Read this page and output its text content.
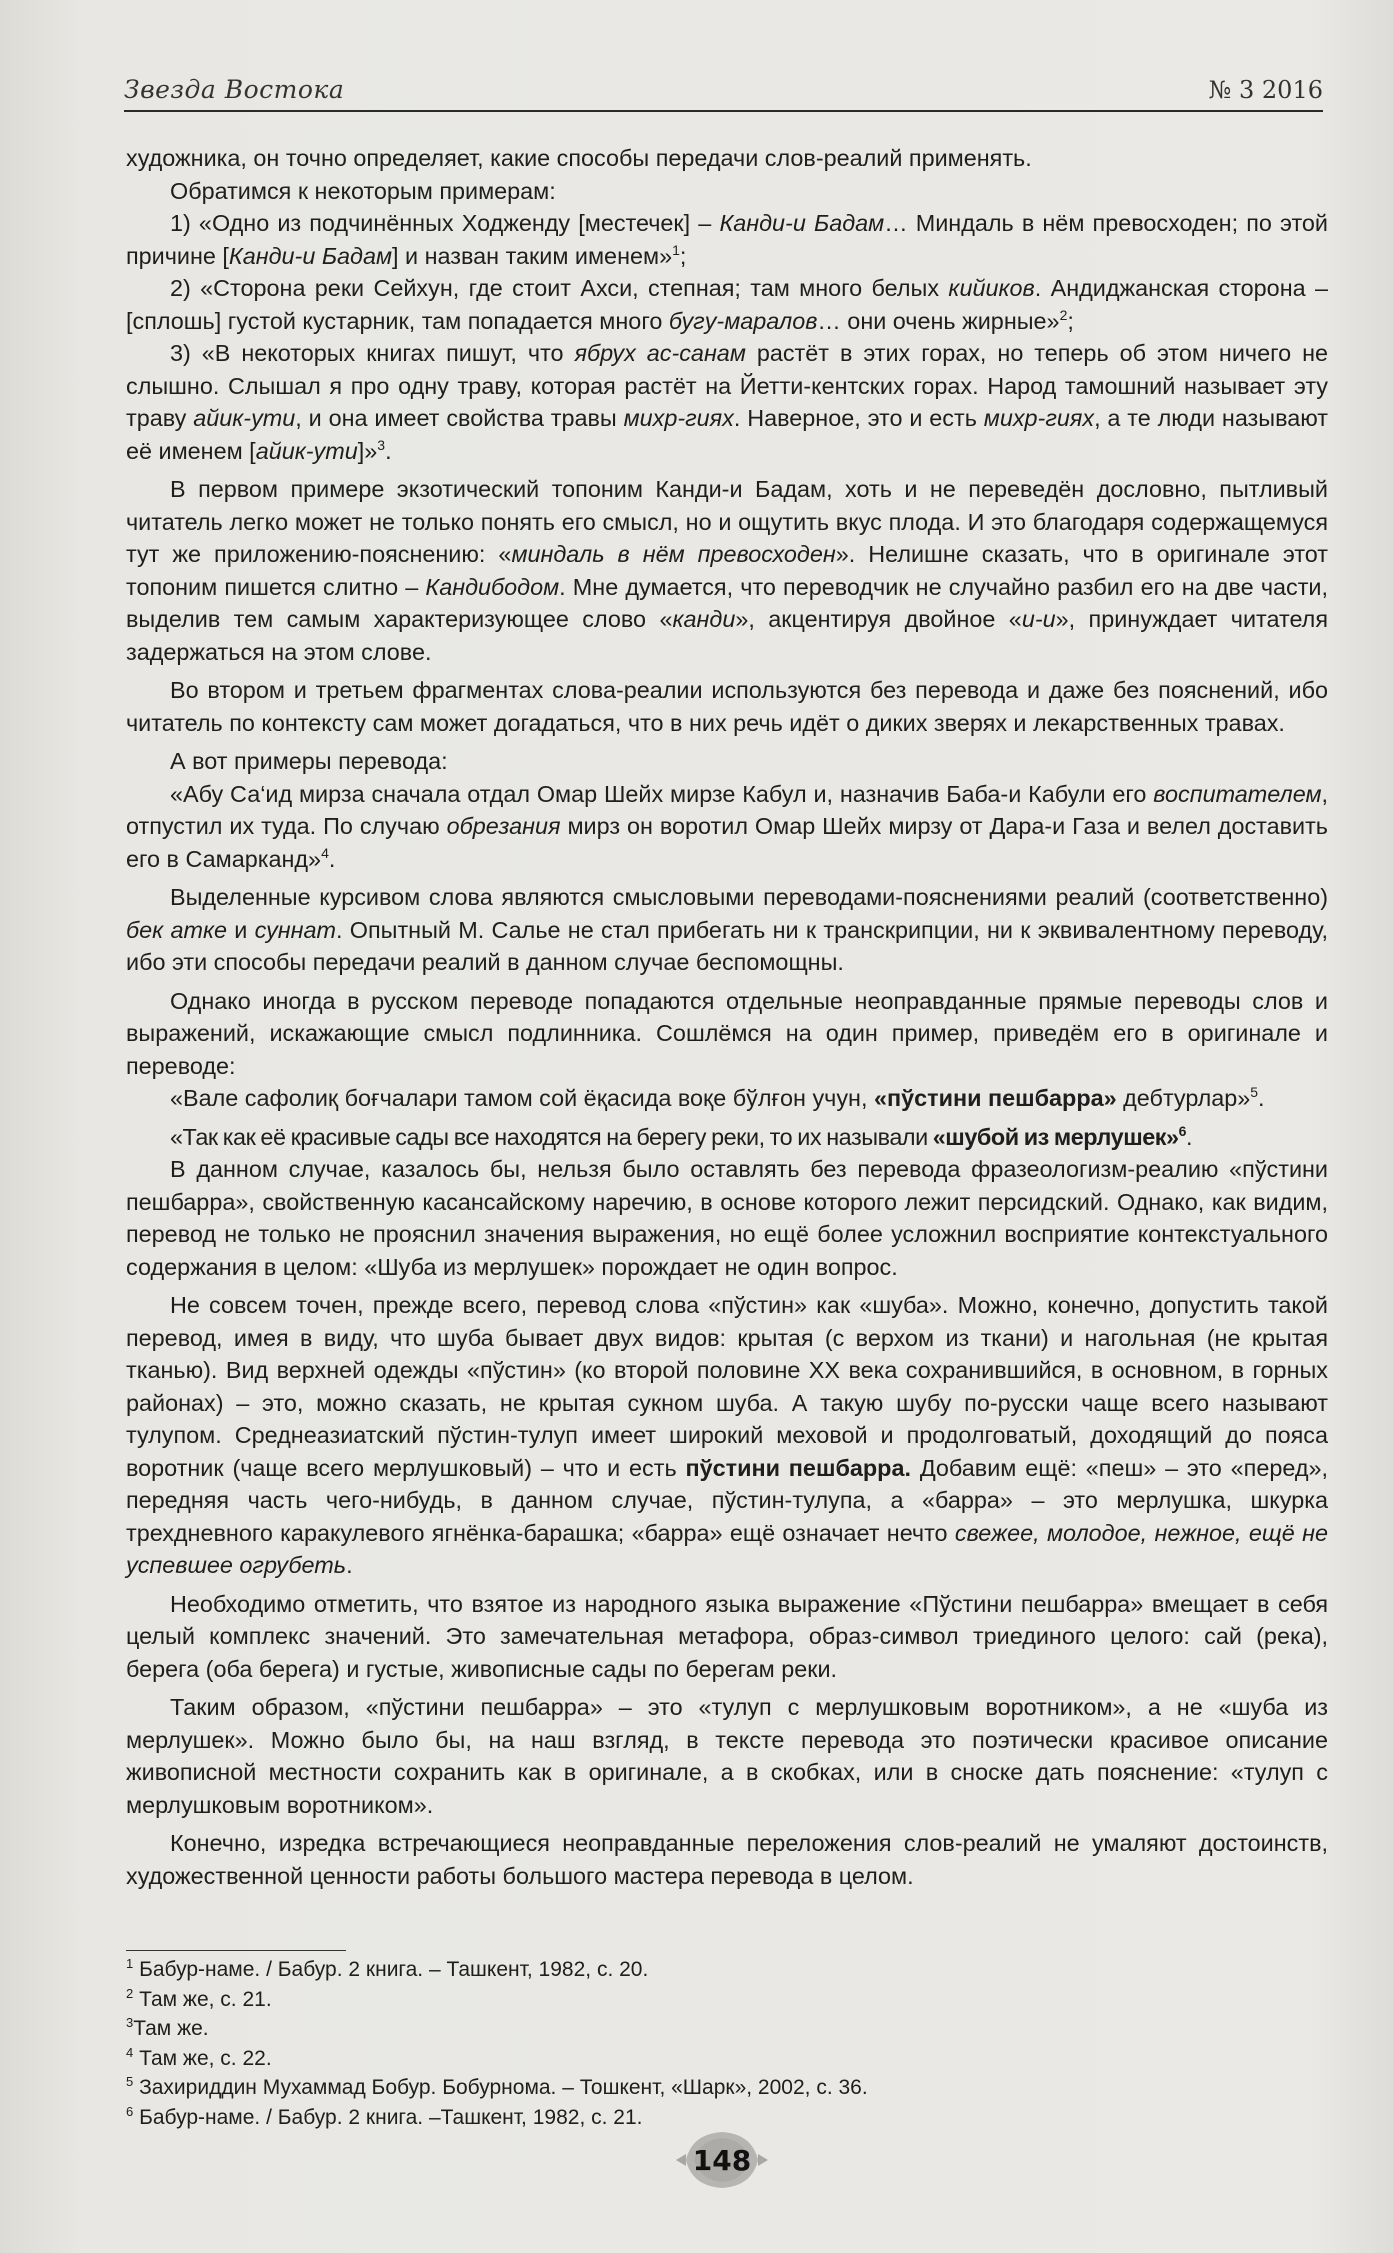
Звезда Востока	№ 3 2016

художника, он точно определяет, какие способы передачи слов-реалий применять.

Обратимся к некоторым примерам:

1) «Одно из подчинённых Ходженду [местечек] – Канди-и Бадам… Миндаль в нём превосходен; по этой причине [Канди-и Бадам] и назван таким именем»$^1$;

2) «Сторона реки Сейхун, где стоит Ахси, степная; там много белых кийиков. Андиджанская сторона – [сплошь] густой кустарник, там попадается много бугу-маралов… они очень жирные»$^2$;

3) «В некоторых книгах пишут, что ябрух ас-санам растёт в этих горах, но теперь об этом ничего не слышно. Слышал я про одну траву, которая растёт на Йетти-кентских горах. Народ тамошний называет эту траву айик-ути, и она имеет свойства травы михр-гиях. Наверное, это и есть михр-гиях, а те люди называют её именем [айик-ути]»$^3$.

В первом примере экзотический топоним Канди-и Бадам, хоть и не переведён дословно, пытливый читатель легко может не только понять его смысл, но и ощутить вкус плода. И это благодаря содержащемуся тут же приложению-пояснению: «миндаль в нём превосходен». Нелишне сказать, что в оригинале этот топоним пишется слитно – Кандибодом. Мне думается, что переводчик не случайно разбил его на две части, выделив тем самым характеризующее слово «канди», акцентируя двойное «и-и», принуждает читателя задержаться на этом слове.

Во втором и третьем фрагментах слова-реалии используются без перевода и даже без пояснений, ибо читатель по контексту сам может догадаться, что в них речь идёт о диких зверях и лекарственных травах.

А вот примеры перевода:

«Абу Са‘ид мирза сначала отдал Омар Шейх мирзе Кабул и, назначив Баба-и Кабули его воспитателем, отпустил их туда. По случаю обрезания мирз он воротил Омар Шейх мирзу от Дара-и Газа и велел доставить его в Самарканд»$^4$.

Выделенные курсивом слова являются смысловыми переводами-пояснениями реалий (соответственно) бек атке и суннат. Опытный М. Салье не стал прибегать ни к транскрипции, ни к эквивалентному переводу, ибо эти способы передачи реалий в данном случае беспомощны.

Однако иногда в русском переводе попадаются отдельные неоправданные прямые переводы слов и выражений, искажающие смысл подлинника. Сошлёмся на один пример, приведём его в оригинале и переводе:

«Вале сафолиқ боғчалари тамом сой ёқасида воқе бўлғон учун, «пўстини пешбарра» дебтурлар»$^5$.

«Так как её красивые сады все находятся на берегу реки, то их называли «шубой из мерлушек»$^6$.

В данном случае, казалось бы, нельзя было оставлять без перевода фразеологизм-реалию «пўстини пешбарра», свойственную касансайскому наречию, в основе которого лежит персидский. Однако, как видим, перевод не только не прояснил значения выражения, но ещё более усложнил восприятие контекстуального содержания в целом: «Шуба из мерлушек» порождает не один вопрос.

Не совсем точен, прежде всего, перевод слова «пўстин» как «шуба». Можно, конечно, допустить такой перевод, имея в виду, что шуба бывает двух видов: крытая (с верхом из ткани) и нагольная (не крытая тканью). Вид верхней одежды «пўстин» (ко второй половине XX века сохранившийся, в основном, в горных районах) – это, можно сказать, не крытая сукном шуба. А такую шубу по-русски чаще всего называют тулупом. Среднеазиатский пўстин-тулуп имеет широкий меховой и продолговатый, доходящий до пояса воротник (чаще всего мерлушковый) – что и есть пўстини пешбарра. Добавим ещё: «пеш» – это «перед», передняя часть чего-нибудь, в данном случае, пўстин-тулупа, а «барра» – это мерлушка, шкурка трехдневного каракулевого ягнёнка-барашка; «барра» ещё означает нечто свежее, молодое, нежное, ещё не успевшее огрубеть.

Необходимо отметить, что взятое из народного языка выражение «Пўстини пешбарра» вмещает в себя целый комплекс значений. Это замечательная метафора, образ-символ триединого целого: сай (река), берега (оба берега) и густые, живописные сады по берегам реки.

Таким образом, «пўстини пешбарра» – это «тулуп с мерлушковым воротником», а не «шуба из мерлушек». Можно было бы, на наш взгляд, в тексте перевода это поэтически красивое описание живописной местности сохранить как в оригинале, а в скобках, или в сноске дать пояснение: «тулуп с мерлушковым воротником».

Конечно, изредка встречающиеся неоправданные переложения слов-реалий не умаляют достоинств, художественной ценности работы большого мастера перевода в целом.

$^1$ Бабур-наме. / Бабур. 2 книга. – Ташкент, 1982, с. 20.
$^2$ Там же, с. 21.
$^3$Там же.
$^4$ Там же, с. 22.
$^5$ Захириддин Мухаммад Бобур. Бобурнома. – Тошкент, «Шарк», 2002, с. 36.
$^6$ Бабур-наме. / Бабур. 2 книга. –Ташкент, 1982, с. 21.
148
